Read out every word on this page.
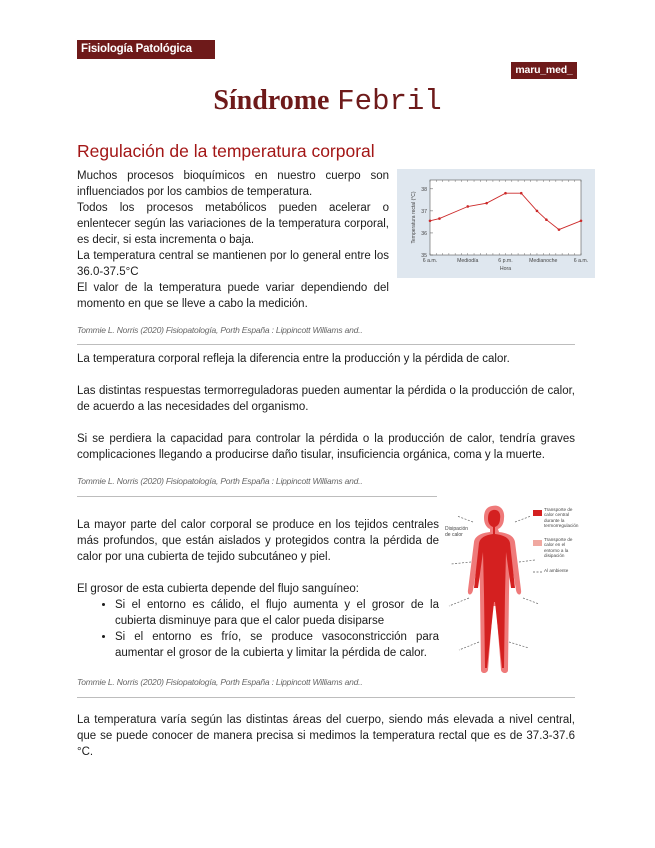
Fisiología Patológica
maru_med_
Síndrome Febril
Regulación de la temperatura corporal

Muchos procesos bioquímicos en nuestro cuerpo son influenciados por los cambios de temperatura.

Todos los procesos metabólicos pueden acelerar o enlentecer según las variaciones de la temperatura corporal, es decir, si esta incrementa o baja.

La temperatura central se mantienen por lo general entre los 36.0-37.5°C

El valor de la temperatura puede variar dependiendo del momento en que se lleve a cabo la medición.

35
36
37
38
6 a.m.	Mediodía	6 p.m.	Medianoche	6 a.m.
Hora
Temperatura rectal (°C)
Tommie L. Norris (2020) Fisiopatología, Porth España : Lippincott Williams and..

La temperatura corporal refleja la diferencia entre la producción y la pérdida de calor.

Las distintas respuestas termorreguladoras pueden aumentar la pérdida o la producción de calor, de acuerdo a las necesidades del organismo.

Si se perdiera la capacidad para controlar la pérdida o la producción de calor, tendría graves complicaciones llegando a producirse daño tisular, insuficiencia orgánica, coma y la muerte.

Tommie L. Norris (2020) Fisiopatología, Porth España : Lippincott Williams and..

La mayor parte del calor corporal se produce en los tejidos centrales más profundos, que están aislados y protegidos contra la pérdida de calor por una cubierta de tejido subcutáneo y piel.

El grosor de esta cubierta depende del flujo sanguíneo:

• Si el entorno es cálido, el flujo aumenta y el grosor de la cubierta disminuye para que el calor pueda disiparse
• Si el entorno es frío, se produce vasoconstricción para aumentar el grosor de la cubierta y limitar la pérdida de calor.
Transporte de calor central durante la termorregulación
Transporte de calor en el entorno a la disipación
Al ambiente
Disipación de calor
Tommie L. Norris (2020) Fisiopatología, Porth España : Lippincott Williams and..

La temperatura varía según las distintas áreas del cuerpo, siendo más elevada a nivel central, que se puede conocer de manera precisa si medimos la temperatura rectal que es de 37.3-37.6 °C.
